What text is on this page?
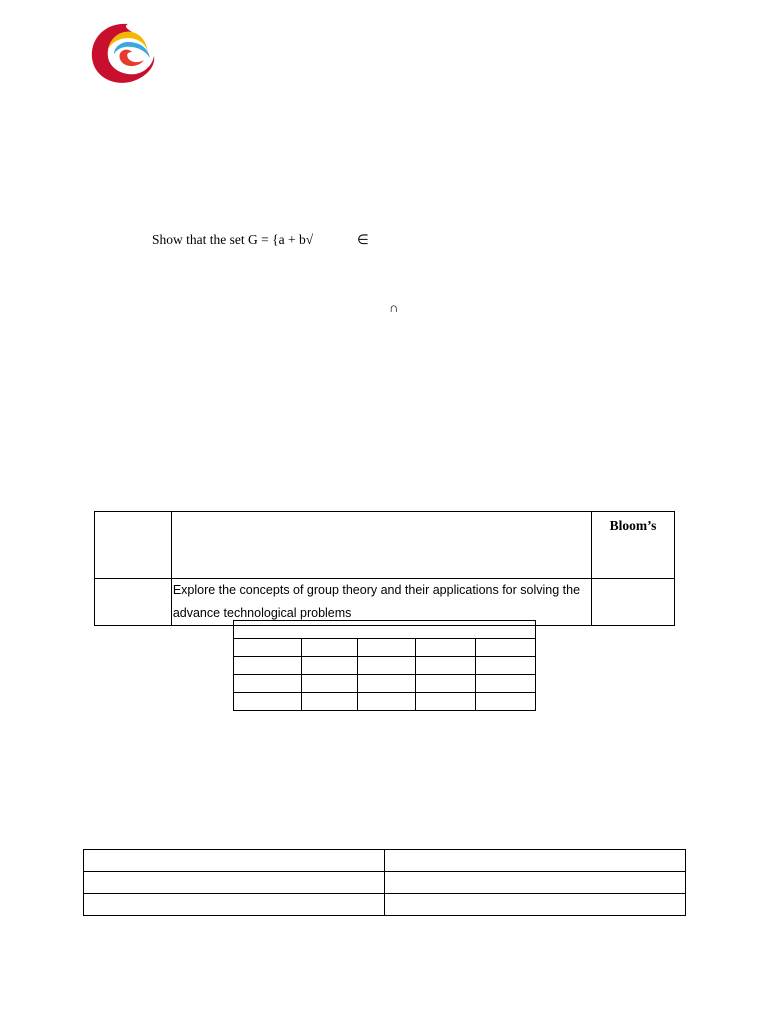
Show that the set G = {a + b√	∈
∩
		Bloom’s
	Explore the concepts of group theory and their applications for solving the advance technological problems	
